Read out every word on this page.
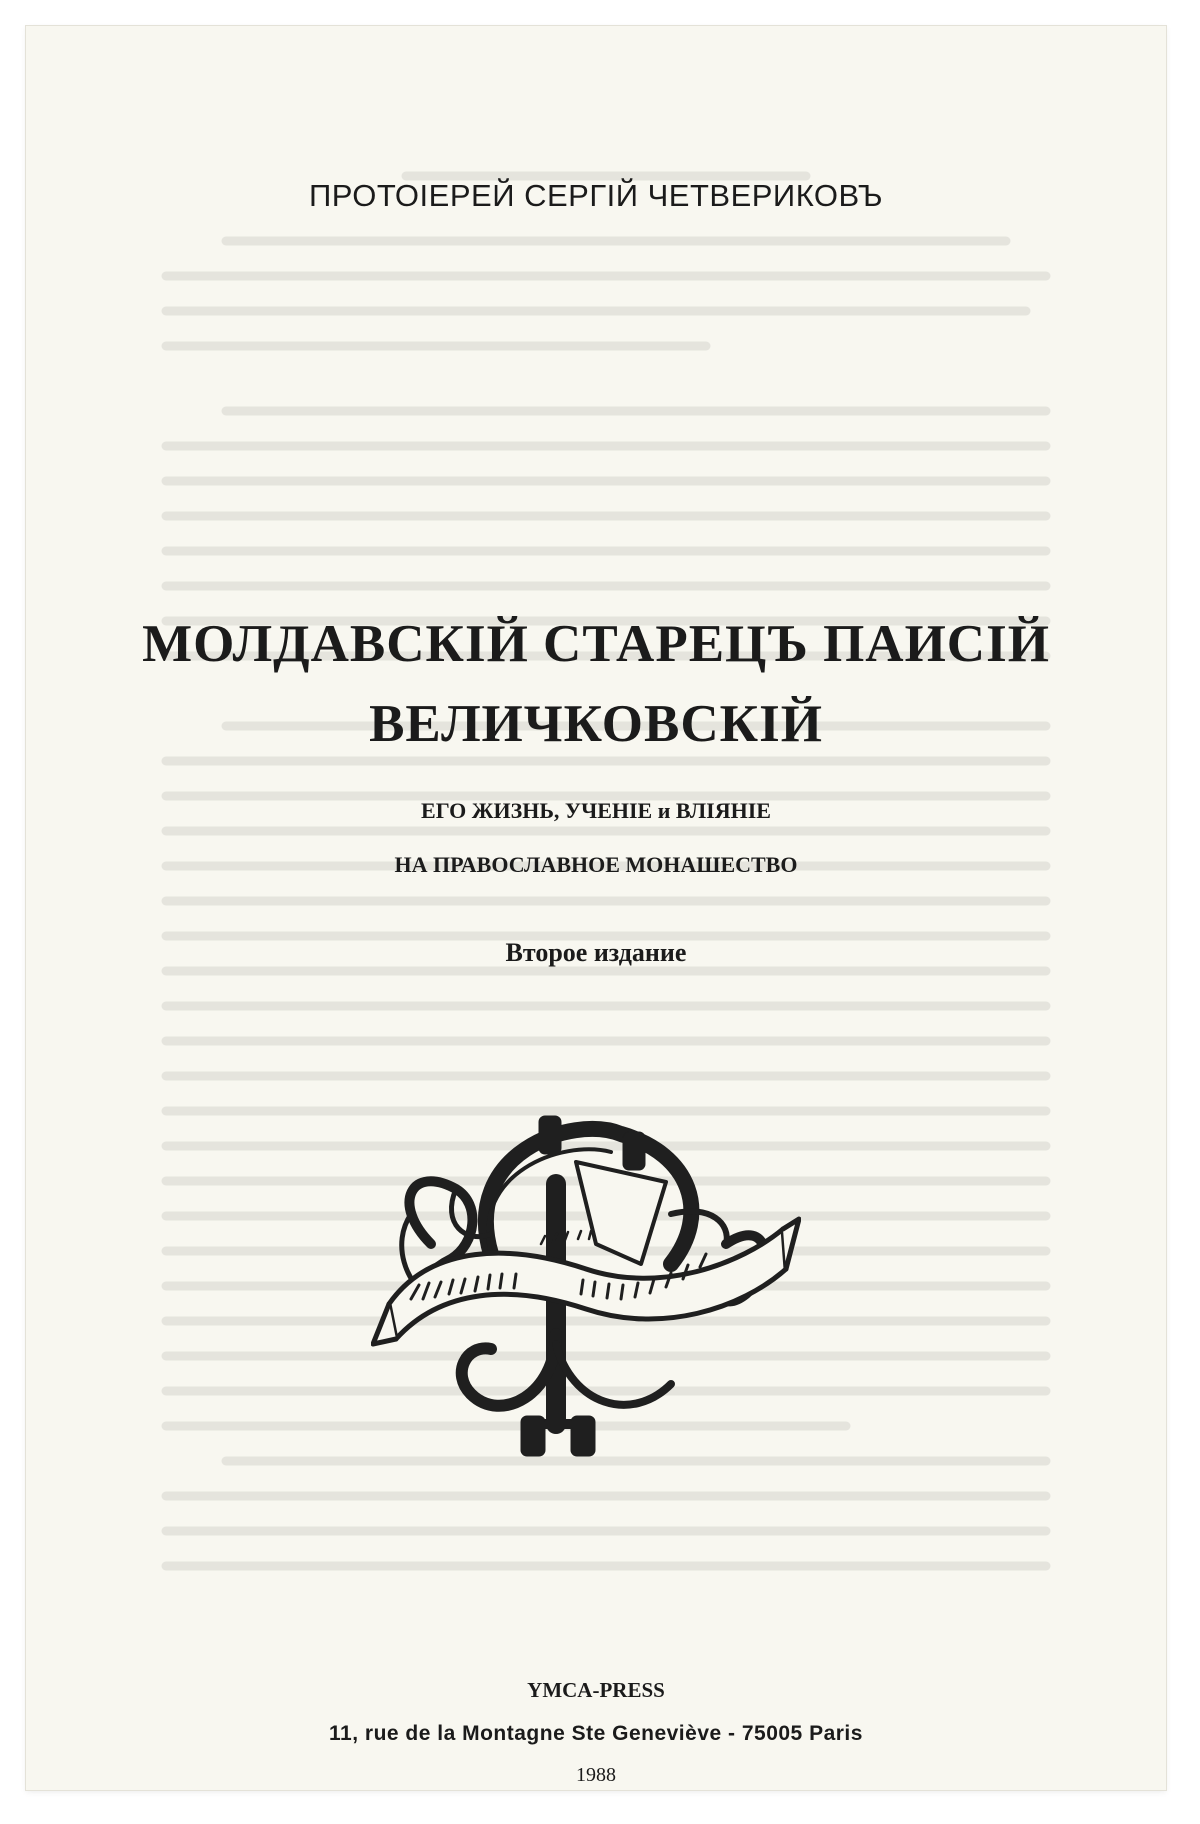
ПРОТОІЕРЕЙ СЕРГІЙ ЧЕТВЕРИКОВЪ
МОЛДАВСКІЙ СТАРЕЦЪ ПАИСІЙ
ВЕЛИЧКОВСКІЙ
ЕГО ЖИЗНЬ, УЧЕНІЕ и ВЛІЯНІЕ
НА ПРАВОСЛАВНОЕ МОНАШЕСТВО
Второе издание
YMCA-PRESS
11, rue de la Montagne Ste Geneviève - 75005 Paris
1988
